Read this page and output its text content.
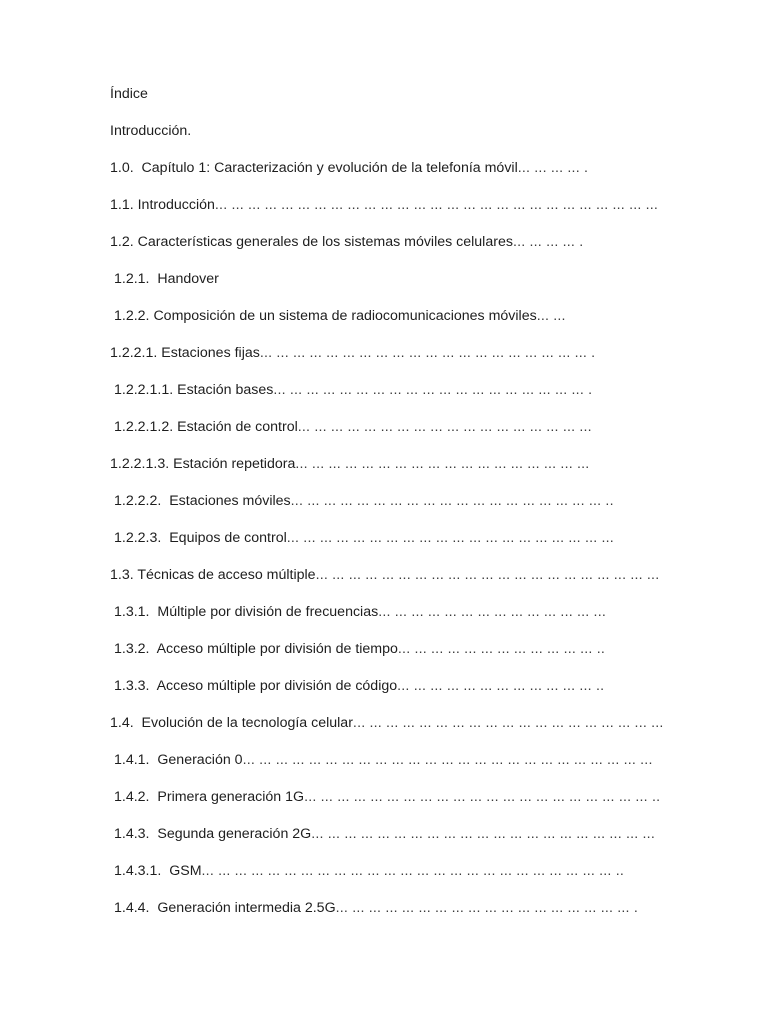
Índice
Introducción.
1.0.  Capítulo 1: Caracterización y evolución de la telefonía móvil... ... ... ... .
1.1. Introducción... ... ... ... ... ... ... ... ... ... ... ... ... ... ... ... ... ... ... ... ... ... ... ... ... ... ...
1.2. Características generales de los sistemas móviles celulares... ... ... ... .
1.2.1.  Handover
1.2.2. Composición de un sistema de radiocomunicaciones móviles... ...
1.2.2.1. Estaciones fijas... ... ... ... ... ... ... ... ... ... ... ... ... ... ... ... ... ... ... ... .
1.2.2.1.1. Estación bases... ... ... ... ... ... ... ... ... ... ... ... ... ... ... ... ... ... ... .
1.2.2.1.2. Estación de control... ... ... ... ... ... ... ... ... ... ... ... ... ... ... ... ... ...
1.2.2.1.3. Estación repetidora... ... ... ... ... ... ... ... ... ... ... ... ... ... ... ... ... ...
1.2.2.2.  Estaciones móviles... ... ... ... ... ... ... ... ... ... ... ... ... ... ... ... ... ... ... ..
1.2.2.3.  Equipos de control... ... ... ... ... ... ... ... ... ... ... ... ... ... ... ... ... ... ... ...
1.3. Técnicas de acceso múltiple... ... ... ... ... ... ... ... ... ... ... ... ... ... ... ... ... ... ... ... ...
1.3.1.  Múltiple por división de frecuencias... ... ... ... ... ... ... ... ... ... ... ... ... ...
1.3.2.  Acceso múltiple por división de tiempo... ... ... ... ... ... ... ... ... ... ... ... ..
1.3.3.  Acceso múltiple por división de código... ... ... ... ... ... ... ... ... ... ... ... ..
1.4.  Evolución de la tecnología celular... ... ... ... ... ... ... ... ... ... ... ... ... ... ... ... ... ... ...
1.4.1.  Generación 0... ... ... ... ... ... ... ... ... ... ... ... ... ... ... ... ... ... ... ... ... ... ... ... ...
1.4.2.  Primera generación 1G... ... ... ... ... ... ... ... ... ... ... ... ... ... ... ... ... ... ... ... ... ..
1.4.3.  Segunda generación 2G... ... ... ... ... ... ... ... ... ... ... ... ... ... ... ... ... ... ... ... ...
1.4.3.1.  GSM... ... ... ... ... ... ... ... ... ... ... ... ... ... ... ... ... ... ... ... ... ... ... ... ... ..
1.4.4.  Generación intermedia 2.5G... ... ... ... ... ... ... ... ... ... ... ... ... ... ... ... ... ... .
